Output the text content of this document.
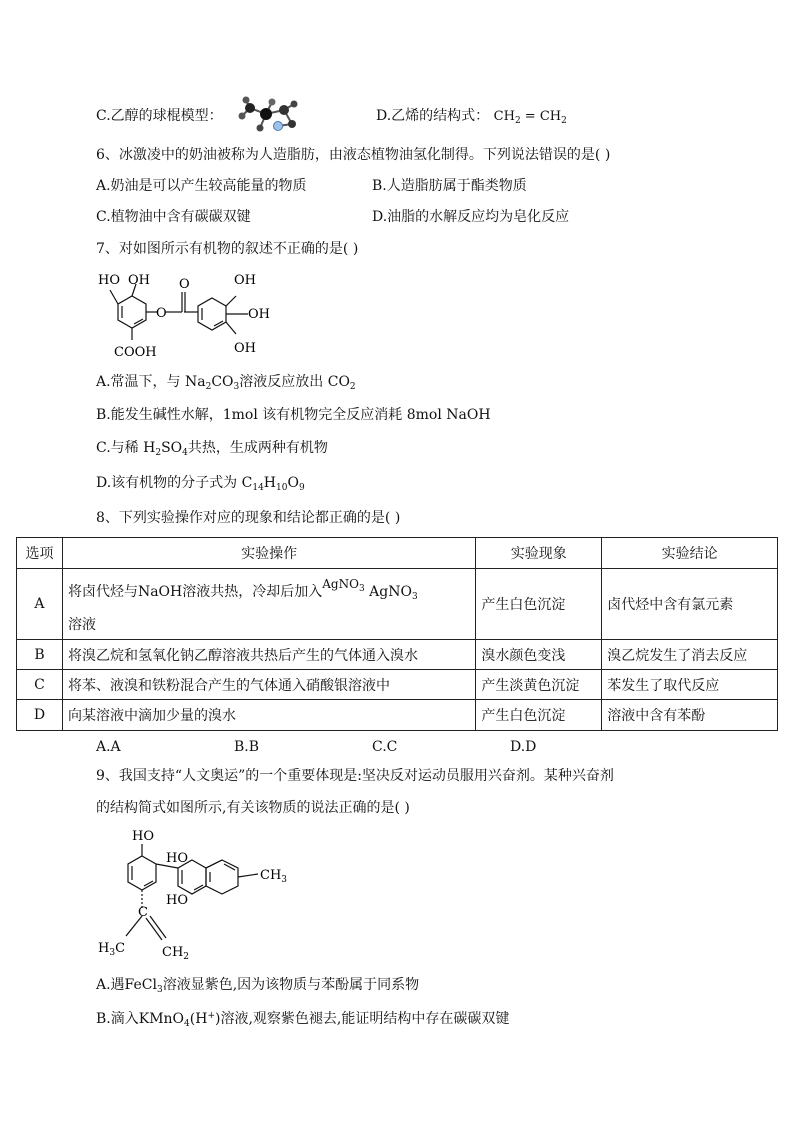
C.乙醇的球棍模型：	D.乙烯的结构式： $CH_2 = CH_2$
6、冰激凌中的奶油被称为人造脂肪，由液态植物油氢化制得。下列说法错误的是( )
A.奶油是可以产生较高能量的物质	B.人造脂肪属于酯类物质
C.植物油中含有碳碳双键	D.油脂的水解反应均为皂化反应
7、对如图所示有机物的叙述不正确的是( )
HO OH
O
O	OH
OH
OH
COOH
A.常温下，与 $Na_2CO_3$溶液反应放出 $CO_2$
B.能发生碱性水解，1mol 该有机物完全反应消耗 8mol NaOH
C.与稀 $H_2SO_4$共热，生成两种有机物
D.该有机物的分子式为 $C_{14}H_{10}O_9$
8、下列实验操作对应的现象和结论都正确的是( )
选项	实验操作	实验现象	实验结论
A	将卤代烃与NaOH溶液共热，冷却后加入AgNO$_3$ AgNO$_3$
溶液	产生白色沉淀	卤代烃中含有氯元素
B	将溴乙烷和氢氧化钠乙醇溶液共热后产生的气体通入溴水	溴水颜色变浅	溴乙烷发生了消去反应
C	将苯、液溴和铁粉混合产生的气体通入硝酸银溶液中	产生淡黄色沉淀	苯发生了取代反应
D	向某溶液中滴加少量的溴水	产生白色沉淀	溶液中含有苯酚
A.A	B.B	C.C	D.D
9、我国支持“人文奥运”的一个重要体现是:坚决反对运动员服用兴奋剂。某种兴奋剂
的结构简式如图所示,有关该物质的说法正确的是( )
HO
HO
HO
$CH_3$
C
$H_3C$	$CH_2$
A.遇FeCl$_3$溶液显紫色,因为该物质与苯酚属于同系物
B.滴入KMnO$_4$(H+)溶液,观察紫色褪去,能证明结构中存在碳碳双键
